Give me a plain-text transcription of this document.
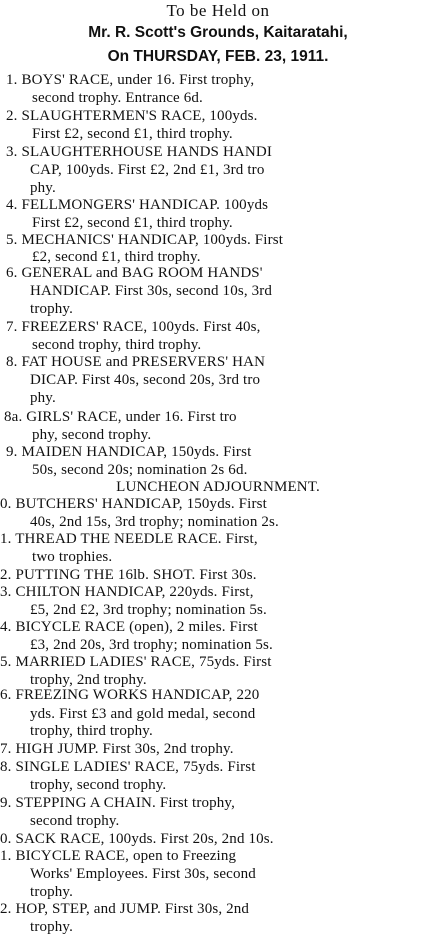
To be Held on
Mr. R. Scott's Grounds, Kaitaratahi,
On THURSDAY, FEB. 23, 1911.
1. BOYS' RACE, under 16. First trophy,
second trophy. Entrance 6d.
2. SLAUGHTERMEN'S RACE, 100yds.
First £2, second £1, third trophy.
3. SLAUGHTERHOUSE HANDS HANDI
CAP, 100yds. First £2, 2nd £1, 3rd tro
phy.
4. FELLMONGERS' HANDICAP. 100yds
First £2, second £1, third trophy.
5. MECHANICS' HANDICAP, 100yds. First
£2, second £1, third trophy.
6. GENERAL and BAG ROOM HANDS'
HANDICAP. First 30s, second 10s, 3rd
trophy.
7. FREEZERS' RACE, 100yds. First 40s,
second trophy, third trophy.
8. FAT HOUSE and PRESERVERS' HAN
DICAP. First 40s, second 20s, 3rd tro
phy.
8a. GIRLS' RACE, under 16. First tro
phy, second trophy.
9. MAIDEN HANDICAP, 150yds. First
50s, second 20s; nomination 2s 6d.
LUNCHEON ADJOURNMENT.
0. BUTCHERS' HANDICAP, 150yds. First
40s, 2nd 15s, 3rd trophy; nomination 2s.
1. THREAD THE NEEDLE RACE. First,
two trophies.
2. PUTTING THE 16lb. SHOT. First 30s.
3. CHILTON HANDICAP, 220yds. First,
£5, 2nd £2, 3rd trophy; nomination 5s.
4. BICYCLE RACE (open), 2 miles. First
£3, 2nd 20s, 3rd trophy; nomination 5s.
5. MARRIED LADIES' RACE, 75yds. First
trophy, 2nd trophy.
6. FREEZING WORKS HANDICAP, 220
yds. First £3 and gold medal, second
trophy, third trophy.
7. HIGH JUMP. First 30s, 2nd trophy.
8. SINGLE LADIES' RACE, 75yds. First
trophy, second trophy.
9. STEPPING A CHAIN. First trophy,
second trophy.
0. SACK RACE, 100yds. First 20s, 2nd 10s.
1. BICYCLE RACE, open to Freezing
Works' Employees. First 30s, second
trophy.
2. HOP, STEP, and JUMP. First 30s, 2nd
trophy.
